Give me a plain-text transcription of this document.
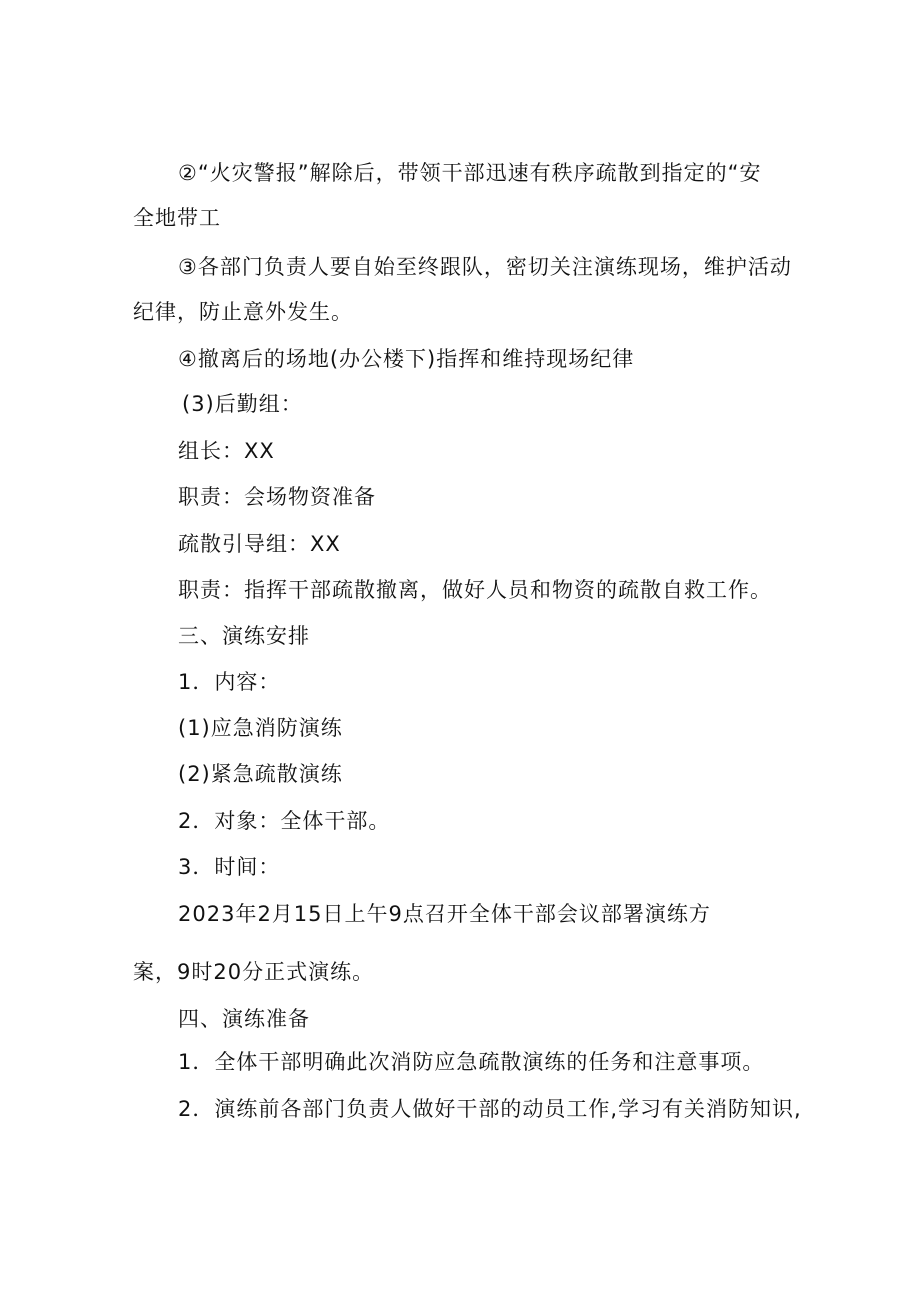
②“火灾警报”解除后，带领干部迅速有秩序疏散到指定的“安
全地带工
③各部门负责人要自始至终跟队，密切关注演练现场，维护活动
纪律，防止意外发生。
④撤离后的场地(办公楼下)指挥和维持现场纪律
(3)后勤组：
组长：XX
职责：会场物资准备
疏散引导组：XX
职责：指挥干部疏散撤离，做好人员和物资的疏散自救工作。
三、演练安排
1．内容：
(1)应急消防演练
(2)紧急疏散演练
2．对象：全体干部。
3．时间：
2023年2月15日上午9点召开全体干部会议部署演练方
案，9时20分正式演练。
四、演练准备
1．全体干部明确此次消防应急疏散演练的任务和注意事项。
2．演练前各部门负责人做好干部的动员工作,学习有关消防知识,
